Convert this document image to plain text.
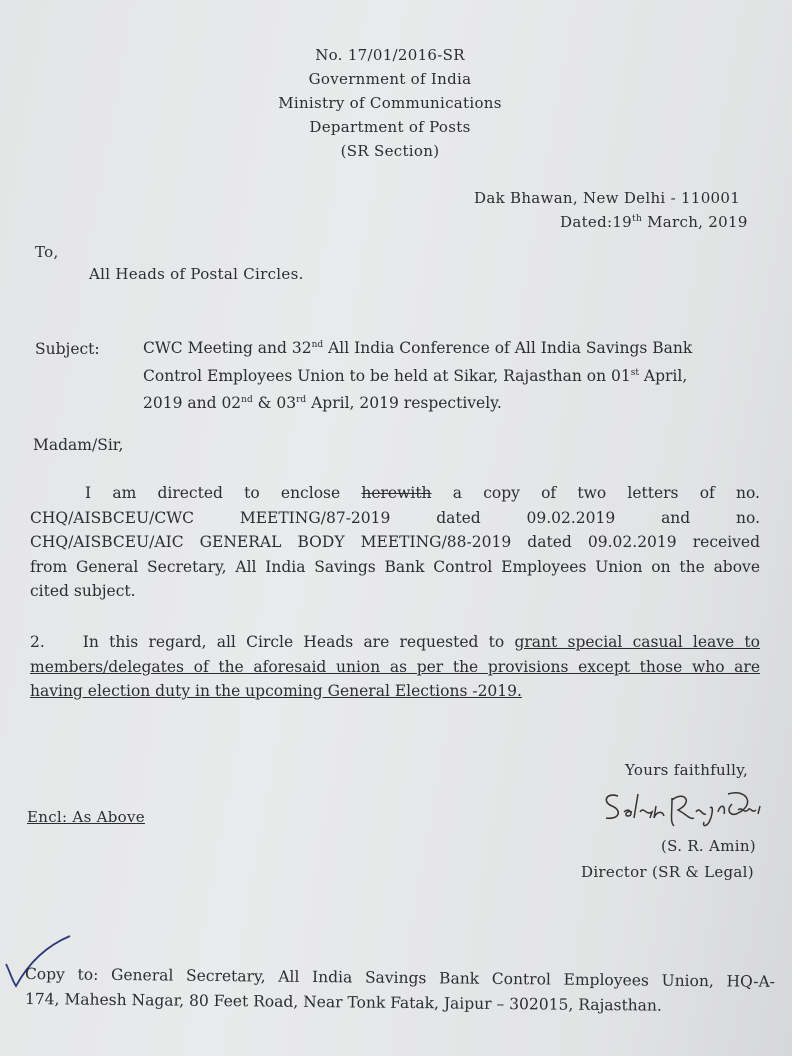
No. 17/01/2016-SR
Government of India
Ministry of Communications
Department of Posts
(SR Section)
Dak Bhawan, New Delhi - 110001
Dated:19th March, 2019
To,
All Heads of Postal Circles.
Subject:	CWC Meeting and 32nd All India Conference of All India Savings Bank
Control Employees Union to be held at Sikar, Rajasthan on 01st April,
2019 and 02nd & 03rd April, 2019 respectively.
Madam/Sir,
I am directed to enclose herewith a copy of two letters of no.
CHQ/AISBCEU/CWC MEETING/87-2019 dated 09.02.2019 and no.
CHQ/AISBCEU/AIC GENERAL BODY MEETING/88-2019 dated 09.02.2019 received
from General Secretary, All India Savings Bank Control Employees Union on the above
cited subject.
2. In this regard, all Circle Heads are requested to grant special casual leave to
members/delegates of the aforesaid union as per the provisions except those who are
having election duty in the upcoming General Elections -2019.
Yours faithfully,
(S. R. Amin)
Director (SR & Legal)
Encl: As Above
Copy to: General Secretary, All India Savings Bank Control Employees Union, HQ-A-
174, Mahesh Nagar, 80 Feet Road, Near Tonk Fatak, Jaipur – 302015, Rajasthan.
